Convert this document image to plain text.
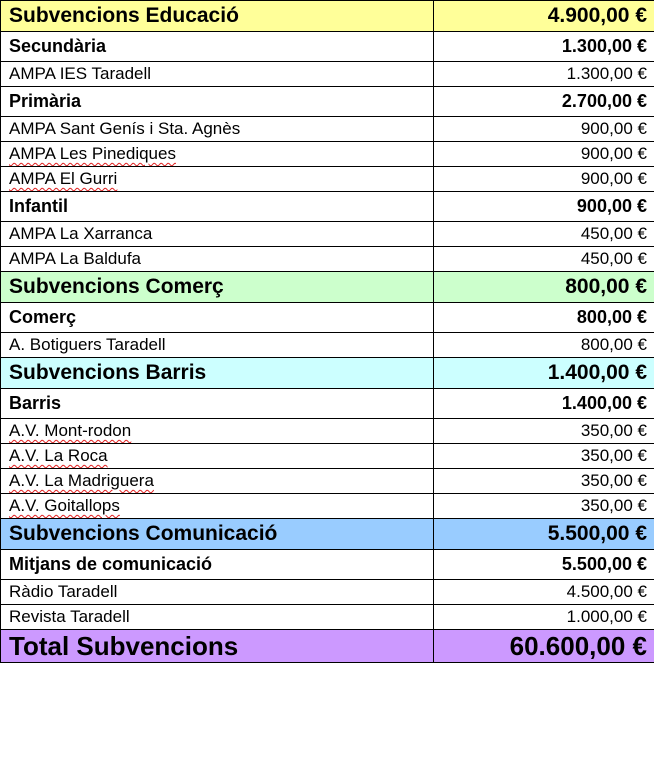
Subvencions Educació	4.900,00 €
Secundària	1.300,00 €
AMPA IES Taradell	1.300,00 €
Primària	2.700,00 €
AMPA Sant Genís i Sta. Agnès	900,00 €
AMPA Les Pinediques	900,00 €
AMPA El Gurri	900,00 €
Infantil	900,00 €
AMPA La Xarranca	450,00 €
AMPA La Baldufa	450,00 €
Subvencions Comerç	800,00 €
Comerç	800,00 €
A. Botiguers Taradell	800,00 €
Subvencions Barris	1.400,00 €
Barris	1.400,00 €
A.V. Mont-rodon	350,00 €
A.V. La Roca	350,00 €
A.V. La Madriguera	350,00 €
A.V. Goitallops	350,00 €
Subvencions Comunicació	5.500,00 €
Mitjans de comunicació	5.500,00 €
Ràdio Taradell	4.500,00 €
Revista Taradell	1.000,00 €
Total Subvencions	60.600,00 €
